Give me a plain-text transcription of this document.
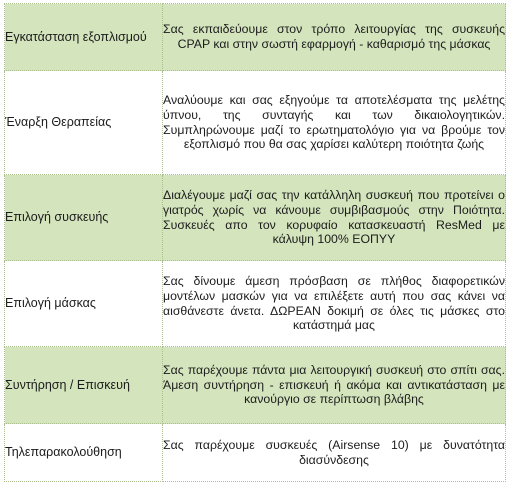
Εγκατάσταση εξοπλισμού	Σας εκπαιδεύουμε στον τρόπο λειτουργίας της συσκευής CPAP και στην σωστή εφαρμογή - καθαρισμό της μάσκας
Έναρξη Θεραπείας	Αναλύουμε και σας εξηγούμε τα αποτελέσματα της μελέτης ύπνου, της συνταγής και των δικαιολογητικών. Συμπληρώνουμε μαζί το ερωτηματολόγιο για να βρούμε τον εξοπλισμό που θα σας χαρίσει καλύτερη ποιότητα ζωής
Επιλογή συσκευής	Διαλέγουμε μαζί σας την κατάλληλη συσκευή που προτείνει ο γιατρός χωρίς να κάνουμε συμβιβασμούς στην Ποιότητα. Συσκευές απο τον κορυφαίο κατασκευαστή ResMed με κάλυψη 100% ΕΟΠΥΥ
Επιλογή μάσκας	Σας δίνουμε άμεση πρόσβαση σε πλήθος διαφορετικών μοντέλων μασκών για να επιλέξετε αυτή που σας κάνει να αισθάνεστε άνετα. ΔΩΡΕΑΝ δοκιμή σε όλες τις μάσκες στο κατάστημά μας
Συντήρηση / Επισκευή	Σας παρέχουμε πάντα μια λειτουργική συσκευή στο σπίτι σας. Άμεση συντήρηση - επισκευή ή ακόμα και αντικατάσταση με κανούργιο σε περίπτωση βλάβης
Τηλεπαρακολούθηση	Σας παρέχουμε συσκευές (Airsense 10) με δυνατότητα διασύνδεσης
